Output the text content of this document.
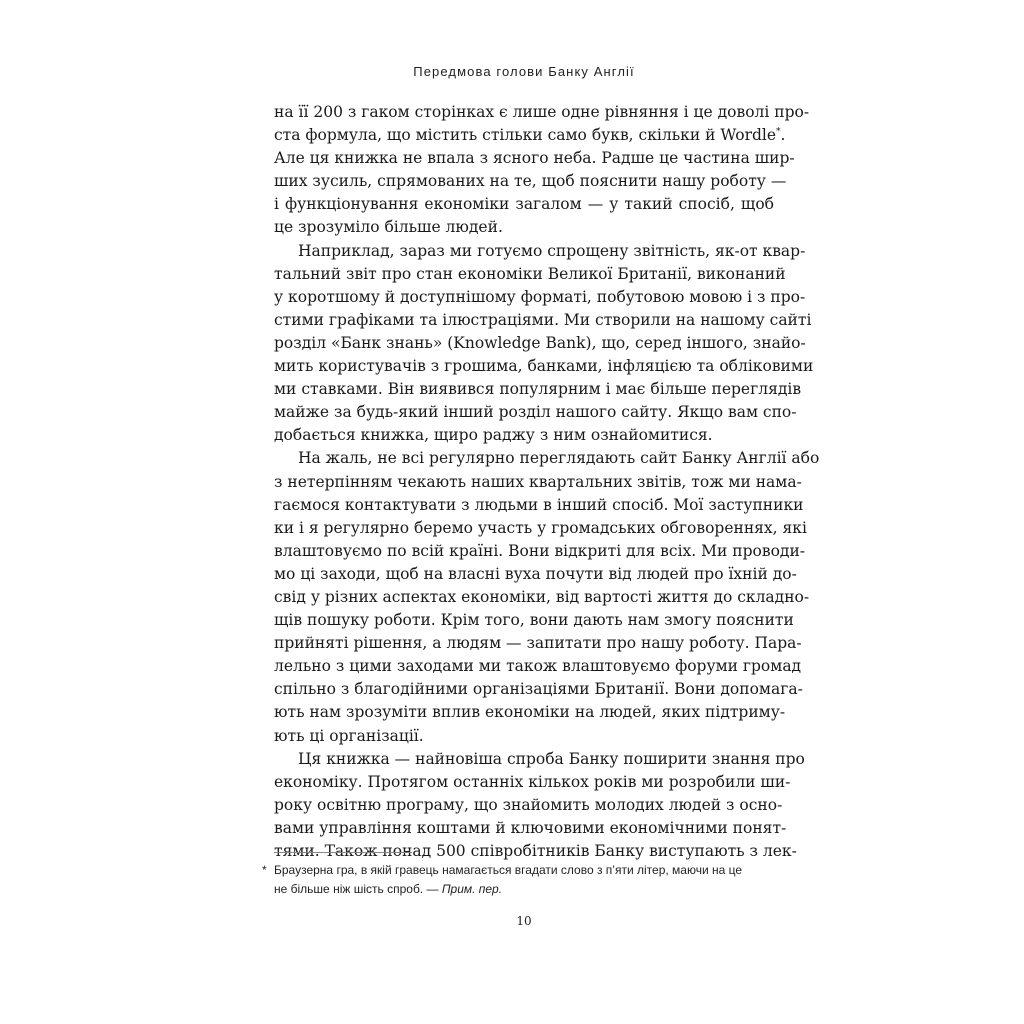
Передмова голови Банку Англії
на її 200 з гаком сторінках є лише одне рівняння і це доволі про-
ста формула, що містить стільки само букв, скільки й Wordle*.
Але ця книжка не впала з ясного неба. Радше це частина шир-
ших зусиль, спрямованих на те, щоб пояснити нашу роботу —
і функціонування економіки загалом — у такий спосіб, щоб
це зрозуміло більше людей.
Наприклад, зараз ми готуємо спрощену звітність, як-от квар-
тальний звіт про стан економіки Великої Британії, виконаний
у коротшому й доступнішому форматі, побутовою мовою і з про-
стими графіками та ілюстраціями. Ми створили на нашому сайті
розділ «Банк знань» (Knowledge Bank), що, серед іншого, знайо-
мить користувачів з грошима, банками, інфляцією та обліковими
ми ставками. Він виявився популярним і має більше переглядів
майже за будь-який інший розділ нашого сайту. Якщо вам спо-
добається книжка, щиро раджу з ним ознайомитися.
На жаль, не всі регулярно переглядають сайт Банку Англії або
з нетерпінням чекають наших квартальних звітів, тож ми нама-
гаємося контактувати з людьми в інший спосіб. Мої заступники
ки і я регулярно беремо участь у громадських обговореннях, які
влаштовуємо по всій країні. Вони відкриті для всіх. Ми проводи-
мо ці заходи, щоб на власні вуха почути від людей про їхній до-
свід у різних аспектах економіки, від вартості життя до складно-
щів пошуку роботи. Крім того, вони дають нам змогу пояснити
прийняті рішення, а людям — запитати про нашу роботу. Пара-
лельно з цими заходами ми також влаштовуємо форуми громад
спільно з благодійними організаціями Британії. Вони допомага-
ють нам зрозуміти вплив економіки на людей, яких підтриму-
ють ці організації.
Ця книжка — найновіша спроба Банку поширити знання про
економіку. Протягом останніх кількох років ми розробили ши-
року освітню програму, що знайомить молодих людей з осно-
вами управління коштами й ключовими економічними понят-
тями. Також понад 500 співробітників Банку виступають з лек-
* Браузерна гра, в якій гравець намагається вгадати слово з п’яти літер, маючи на це
не більше ніж шість спроб. — Прим. пер.
10
